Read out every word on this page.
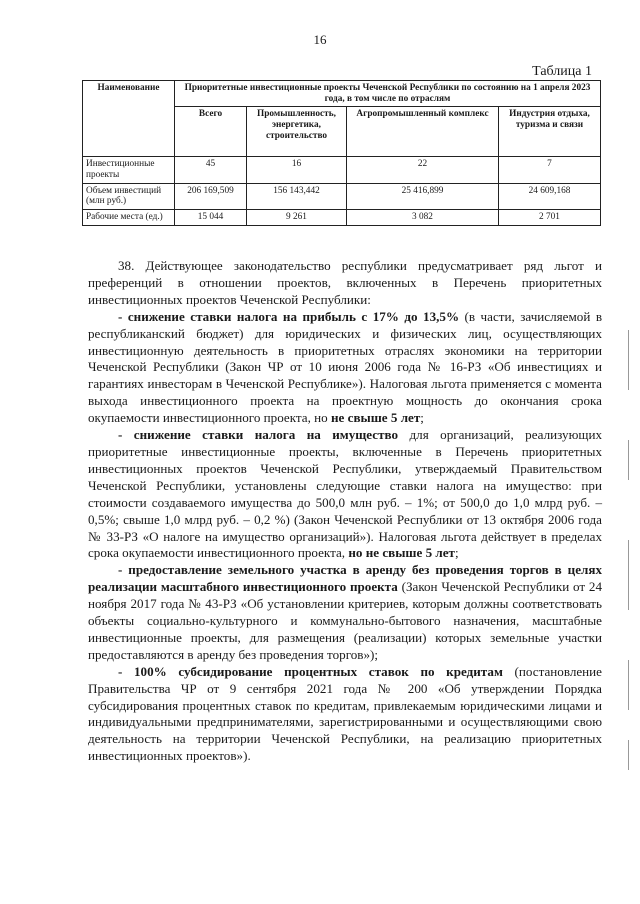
16
Таблица 1
Наименование	Приоритетные инвестиционные проекты Чеченской Республики по состоянию на 1 апреля 2023 года, в том числе по отраслям			
	Всего	Промышленность, энергетика, строительство	Агропромышленный комплекс	Индустрия отдыха, туризма и связи
Инвестиционные проекты	45	16	22	7
Объем инвестиций (млн руб.)	206 169,509	156 143,442	25 416,899	24 609,168
Рабочие места (ед.)	15 044	9 261	3 082	2 701

38. Действующее законодательство республики предусматривает ряд льгот и преференций в отношении проектов, включенных в Перечень приоритетных инвестиционных проектов Чеченской Республики:

- снижение ставки налога на прибыль с 17% до 13,5% (в части, зачисляемой в республиканский бюджет) для юридических и физических лиц, осуществляющих инвестиционную деятельность в приоритетных отраслях экономики на территории Чеченской Республики (Закон ЧР от 10 июня 2006 года № 16-РЗ «Об инвестициях и гарантиях инвесторам в Чеченской Республике»). Налоговая льгота применяется с момента выхода инвестиционного проекта на проектную мощность до окончания срока окупаемости инвестиционного проекта, но не свыше 5 лет;

- снижение ставки налога на имущество для организаций, реализующих приоритетные инвестиционные проекты, включенные в Перечень приоритетных инвестиционных проектов Чеченской Республики, утверждаемый Правительством Чеченской Республики, установлены следующие ставки налога на имущество: при стоимости создаваемого имущества до 500,0 млн руб. – 1%; от 500,0 до 1,0 млрд руб. – 0,5%; свыше 1,0 млрд руб. – 0,2 %) (Закон Чеченской Республики от 13 октября 2006 года № 33-РЗ «О налоге на имущество организаций»). Налоговая льгота действует в пределах срока окупаемости инвестиционного проекта, но не свыше 5 лет;

- предоставление земельного участка в аренду без проведения торгов в целях реализации масштабного инвестиционного проекта (Закон Чеченской Республики от 24 ноября 2017 года № 43-РЗ «Об установлении критериев, которым должны соответствовать объекты социально-культурного и коммунально-бытового назначения, масштабные инвестиционные проекты, для размещения (реализации) которых земельные участки предоставляются в аренду без проведения торгов»);

- 100% субсидирование процентных ставок по кредитам (постановление Правительства ЧР от 9 сентября 2021 года № 200 «Об утверждении Порядка субсидирования процентных ставок по кредитам, привлекаемым юридическими лицами и индивидуальными предпринимателями, зарегистрированными и осуществляющими свою деятельность на территории Чеченской Республики, на реализацию приоритетных инвестиционных проектов»).
